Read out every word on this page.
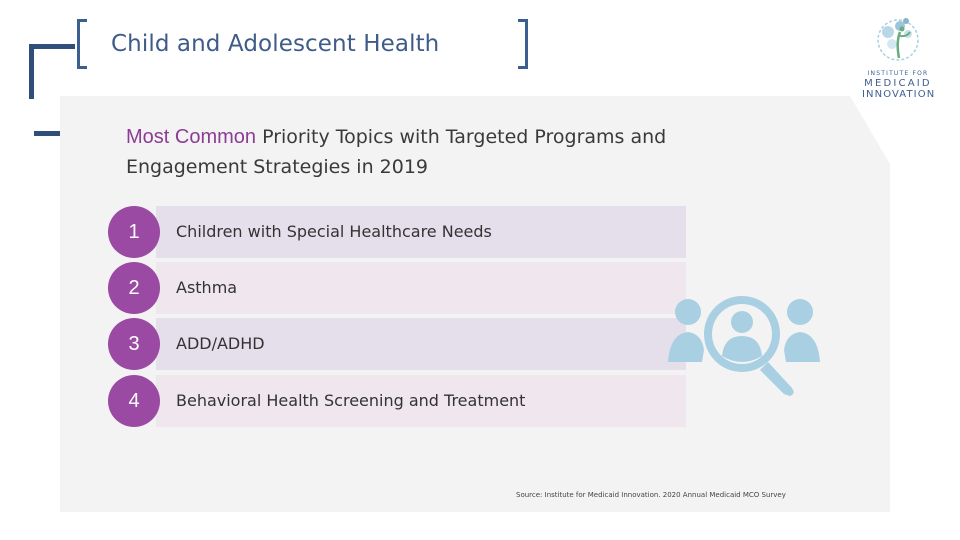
Child and Adolescent Health
INSTITUTE FOR
MEDICAID
INNOVATION
Most Common Priority Topics with Targeted Programs and Engagement Strategies in 2019
1	Children with Special Healthcare Needs
2	Asthma
3	ADD/ADHD
4	Behavioral Health Screening and Treatment
Source: Institute for Medicaid Innovation. 2020 Annual Medicaid MCO Survey
